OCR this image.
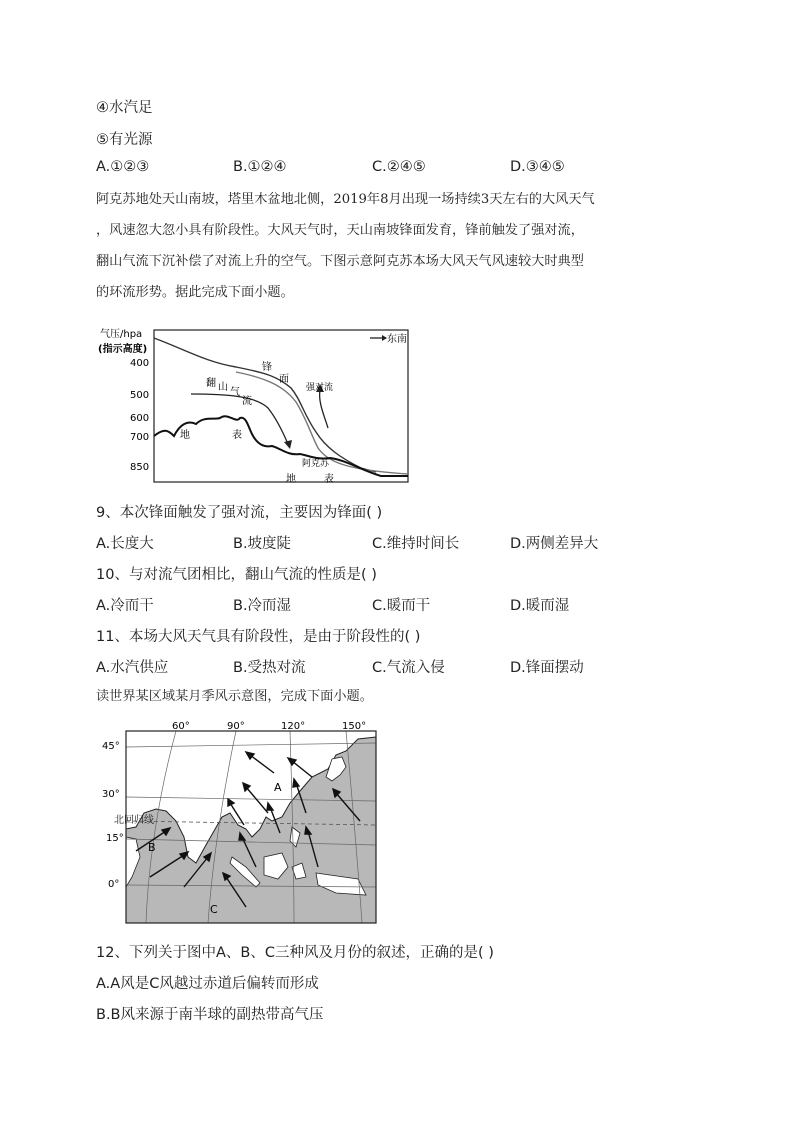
④水汽足
⑤有光源
A.①②③	B.①②④	C.②④⑤	D.③④⑤
阿克苏地处天山南坡，塔里木盆地北侧，2019年8月出现一场持续3天左右的大风天气
，风速忽大忽小具有阶段性。大风天气时，天山南坡锋面发育，锋前触发了强对流，
翻山气流下沉补偿了对流上升的空气。下图示意阿克苏本场大风天气风速较大时典型
的环流形势。据此完成下面小题。
气压/hpa
(指示高度)
400
500
600
700
850
东南
锋
面
强对流
翻 山 气
流
地	表
阿克苏
地	表
9、本次锋面触发了强对流，主要因为锋面( )
A.长度大	B.坡度陡	C.维持时间长	D.两侧差异大
10、与对流气团相比，翻山气流的性质是( )
A.冷而干	B.冷而湿	C.暖而干	D.暖而湿
11、本场大风天气具有阶段性，是由于阶段性的( )
A.水汽供应	B.受热对流	C.气流入侵	D.锋面摆动
读世界某区域某月季风示意图，完成下面小题。
60°	90°	120°	150°
45°
30°
15°
0°
北回归线
A
B
C
12、下列关于图中A、B、C三种风及月份的叙述，正确的是( )
A.A风是C风越过赤道后偏转而形成
B.B风来源于南半球的副热带高气压
